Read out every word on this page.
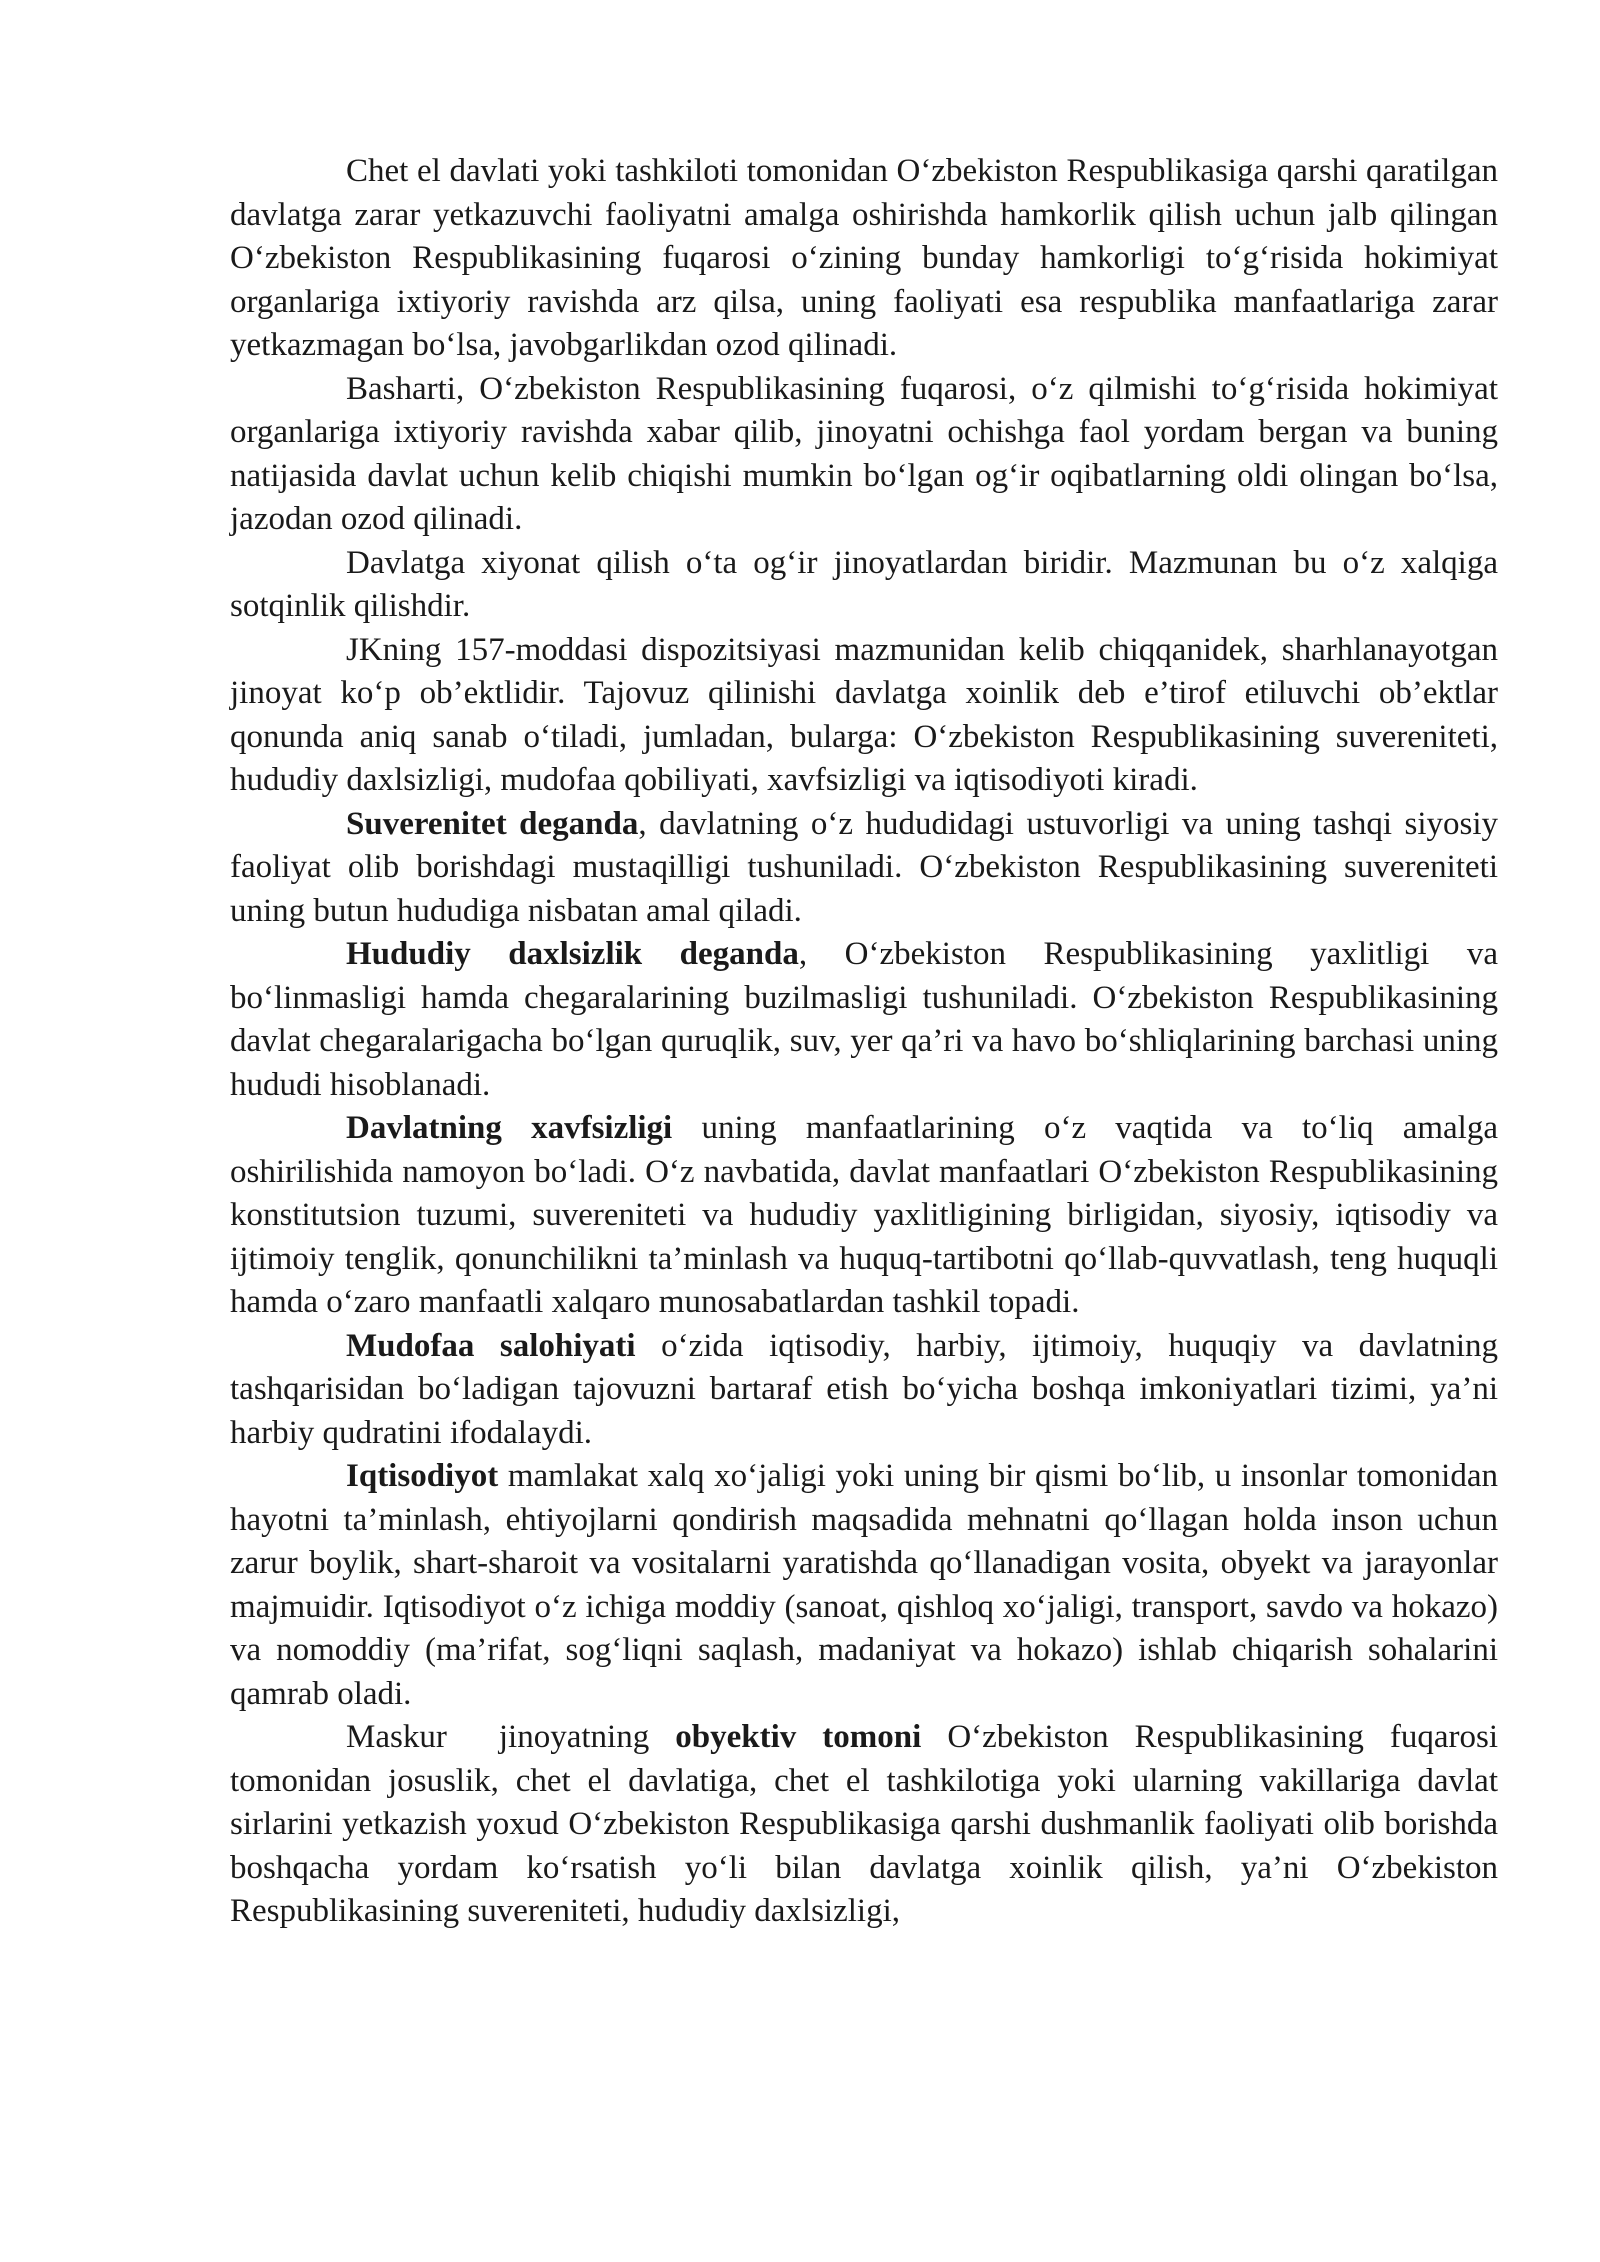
Chet el davlati yoki tashkiloti tomonidan O‘zbekiston Respublikasiga qarshi qaratilgan davlatga zarar yetkazuvchi faoliyatni amalga oshirishda hamkorlik qilish uchun jalb qilingan O‘zbekiston Respublikasining fuqarosi o‘zining bunday hamkorligi to‘g‘risida hokimiyat organlariga ixtiyoriy ravishda arz qilsa, uning faoliyati esa respublika manfaatlariga zarar yetkazmagan bo‘lsa, javobgarlikdan ozod qilinadi.

Basharti, O‘zbekiston Respublikasining fuqarosi, o‘z qilmishi to‘g‘risida hokimiyat organlariga ixtiyoriy ravishda xabar qilib, jinoyatni ochishga faol yordam bergan va buning natijasida davlat uchun kelib chiqishi mumkin bo‘lgan og‘ir oqibatlarning oldi olingan bo‘lsa, jazodan ozod qilinadi.

Davlatga xiyonat qilish o‘ta og‘ir jinoyatlardan biridir. Mazmunan bu o‘z xalqiga sotqinlik qilishdir.

JKning 157-moddasi dispozitsiyasi mazmunidan kelib chiqqanidek, sharhlanayotgan jinoyat ko‘p ob’ektlidir. Tajovuz qilinishi davlatga xoinlik deb e’tirof etiluvchi ob’ektlar qonunda aniq sanab o‘tiladi, jumladan, bularga: O‘zbekiston Respublikasining suvereniteti, hududiy daxlsizligi, mudofaa qobiliyati, xavfsizligi va iqtisodiyoti kiradi.

Suverenitet deganda, davlatning o‘z hududidagi ustuvorligi va uning tashqi siyosiy faoliyat olib borishdagi mustaqilligi tushuniladi. O‘zbekiston Respublikasining suvereniteti uning butun hududiga nisbatan amal qiladi.

Hududiy daxlsizlik deganda, O‘zbekiston Respublikasining yaxlitligi va bo‘linmasligi hamda chegaralarining buzilmasligi tushuniladi. O‘zbekiston Respublikasining davlat chegaralarigacha bo‘lgan quruqlik, suv, yer qa’ri va havo bo‘shliqlarining barchasi uning hududi hisoblanadi.

Davlatning xavfsizligi uning manfaatlarining o‘z vaqtida va to‘liq amalga oshirilishida namoyon bo‘ladi. O‘z navbatida, davlat manfaatlari O‘zbekiston Respublikasining konstitutsion tuzumi, suvereniteti va hududiy yaxlitligining birligidan, siyosiy, iqtisodiy va ijtimoiy tenglik, qonunchilikni ta’minlash va huquq-tartibotni qo‘llab-quvvatlash, teng huquqli hamda o‘zaro manfaatli xalqaro munosabatlardan tashkil topadi.

Mudofaa salohiyati o‘zida iqtisodiy, harbiy, ijtimoiy, huquqiy va davlatning tashqarisidan bo‘ladigan tajovuzni bartaraf etish bo‘yicha boshqa imkoniyatlari tizimi, ya’ni harbiy qudratini ifodalaydi.

Iqtisodiyot mamlakat xalq xo‘jaligi yoki uning bir qismi bo‘lib, u insonlar tomonidan hayotni ta’minlash, ehtiyojlarni qondirish maqsadida mehnatni qo‘llagan holda inson uchun zarur boylik, shart-sharoit va vositalarni yaratishda qo‘llanadigan vosita, obyekt va jarayonlar majmuidir. Iqtisodiyot o‘z ichiga moddiy (sanoat, qishloq xo‘jaligi, transport, savdo va hokazo) va nomoddiy (ma’rifat, sog‘liqni saqlash, madaniyat va hokazo) ishlab chiqarish sohalarini qamrab oladi.

Maskur  jinoyatning obyektiv tomoni O‘zbekiston Respublikasining fuqarosi tomonidan josuslik, chet el davlatiga, chet el tashkilotiga yoki ularning vakillariga davlat sirlarini yetkazish yoxud O‘zbekiston Respublikasiga qarshi dushmanlik faoliyati olib borishda boshqacha yordam ko‘rsatish yo‘li bilan davlatga xoinlik qilish, ya’ni O‘zbekiston Respublikasining suvereniteti, hududiy daxlsizligi,
